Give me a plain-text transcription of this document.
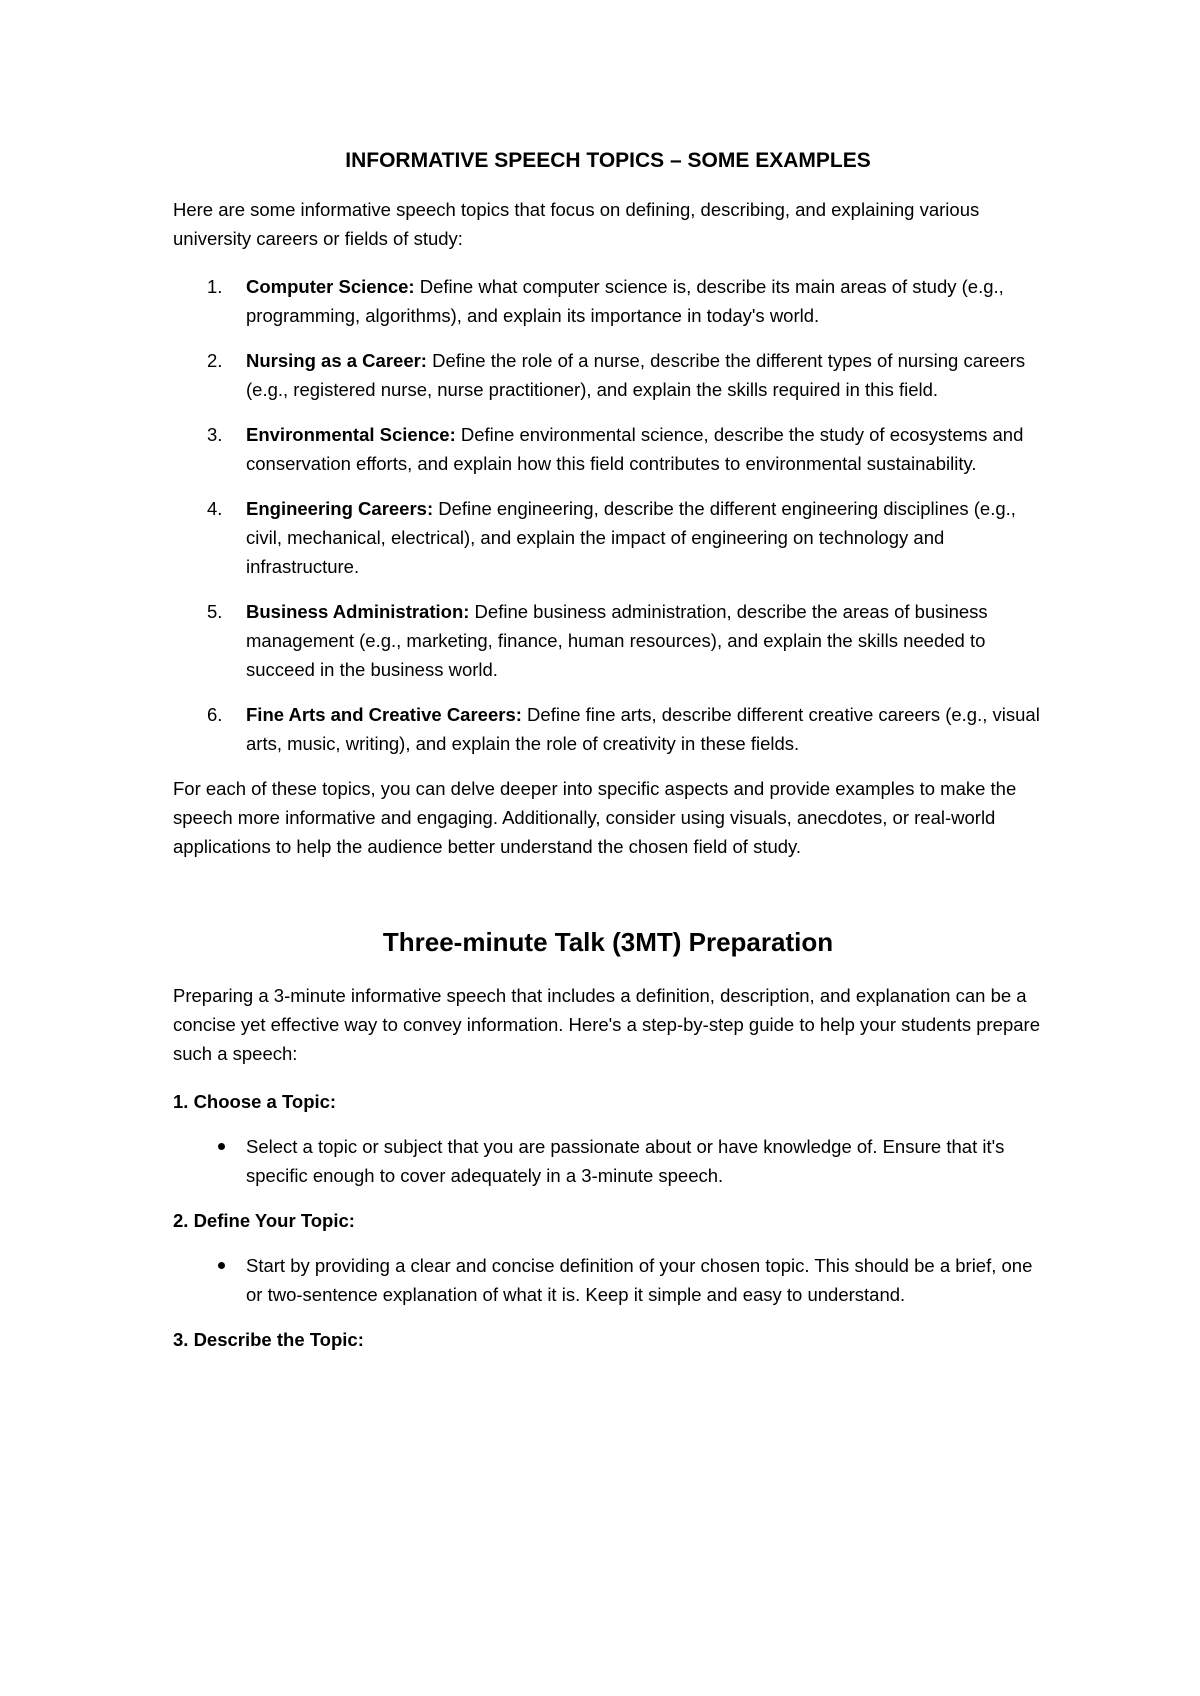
INFORMATIVE SPEECH TOPICS – SOME EXAMPLES

Here are some informative speech topics that focus on defining, describing, and explaining various university careers or fields of study:

1. Computer Science: Define what computer science is, describe its main areas of study (e.g., programming, algorithms), and explain its importance in today's world.
2. Nursing as a Career: Define the role of a nurse, describe the different types of nursing careers (e.g., registered nurse, nurse practitioner), and explain the skills required in this field.
3. Environmental Science: Define environmental science, describe the study of ecosystems and conservation efforts, and explain how this field contributes to environmental sustainability.
4. Engineering Careers: Define engineering, describe the different engineering disciplines (e.g., civil, mechanical, electrical), and explain the impact of engineering on technology and infrastructure.
5. Business Administration: Define business administration, describe the areas of business management (e.g., marketing, finance, human resources), and explain the skills needed to succeed in the business world.
6. Fine Arts and Creative Careers: Define fine arts, describe different creative careers (e.g., visual arts, music, writing), and explain the role of creativity in these fields.

For each of these topics, you can delve deeper into specific aspects and provide examples to make the speech more informative and engaging. Additionally, consider using visuals, anecdotes, or real-world applications to help the audience better understand the chosen field of study.

Three-minute Talk (3MT) Preparation

Preparing a 3-minute informative speech that includes a definition, description, and explanation can be a concise yet effective way to convey information. Here's a step-by-step guide to help your students prepare such a speech:

1. Choose a Topic:
Select a topic or subject that you are passionate about or have knowledge of. Ensure that it's specific enough to cover adequately in a 3-minute speech.
2. Define Your Topic:
Start by providing a clear and concise definition of your chosen topic. This should be a brief, one or two-sentence explanation of what it is. Keep it simple and easy to understand.
3. Describe the Topic:
